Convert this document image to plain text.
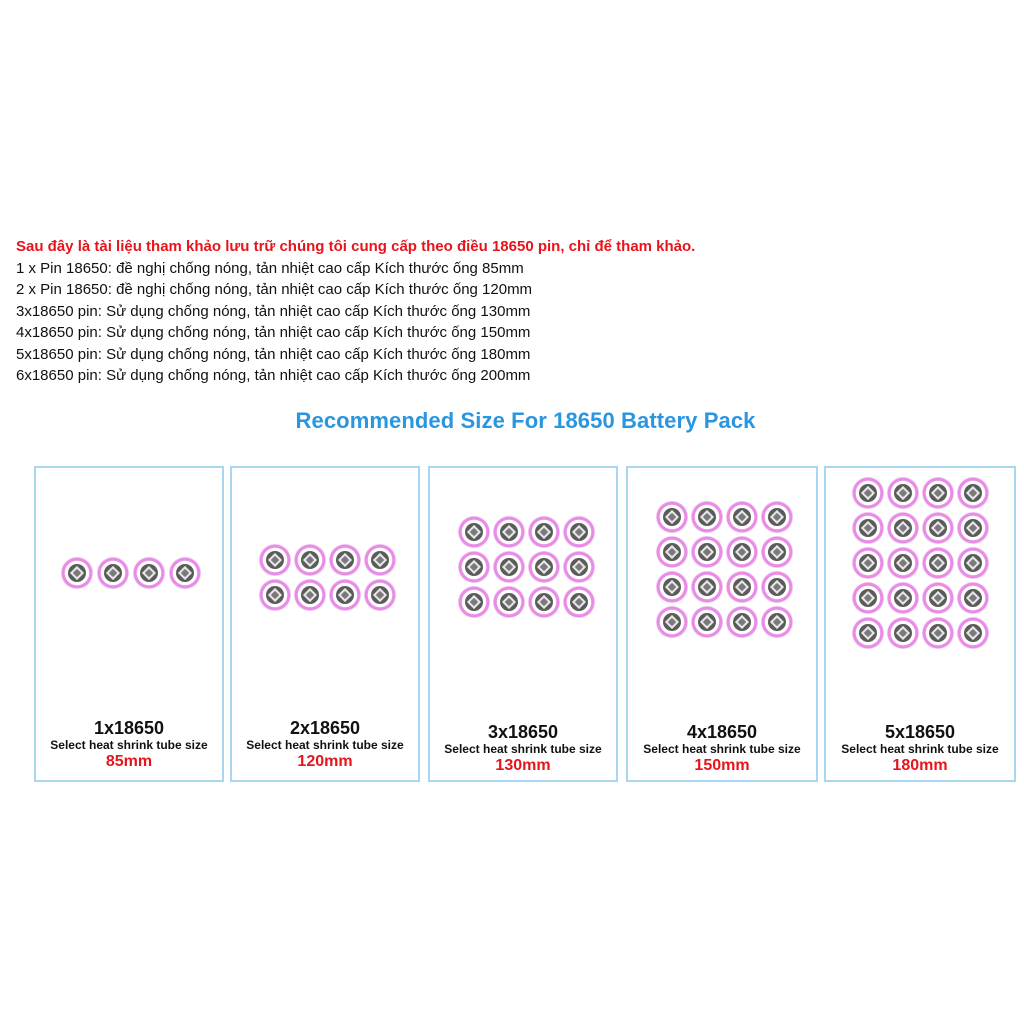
Sau đây là tài liệu tham khảo lưu trữ chúng tôi cung cấp theo điều 18650 pin, chỉ để tham khảo.
1 x Pin 18650: đề nghị chống nóng, tản nhiệt cao cấp Kích thước ống 85mm
2 x Pin 18650: đề nghị chống nóng, tản nhiệt cao cấp Kích thước ống 120mm
3x18650 pin: Sử dụng chống nóng, tản nhiệt cao cấp Kích thước ống 130mm
4x18650 pin: Sử dụng chống nóng, tản nhiệt cao cấp Kích thước ống 150mm
5x18650 pin: Sử dụng chống nóng, tản nhiệt cao cấp Kích thước ống 180mm
6x18650 pin: Sử dụng chống nóng, tản nhiệt cao cấp Kích thước ống 200mm
Recommended Size For 18650 Battery Pack
1x18650
Select heat shrink tube size
85mm
2x18650
Select heat shrink tube size
120mm
3x18650
Select heat shrink tube size
130mm
4x18650
Select heat shrink tube size
150mm
5x18650
Select heat shrink tube size
180mm
